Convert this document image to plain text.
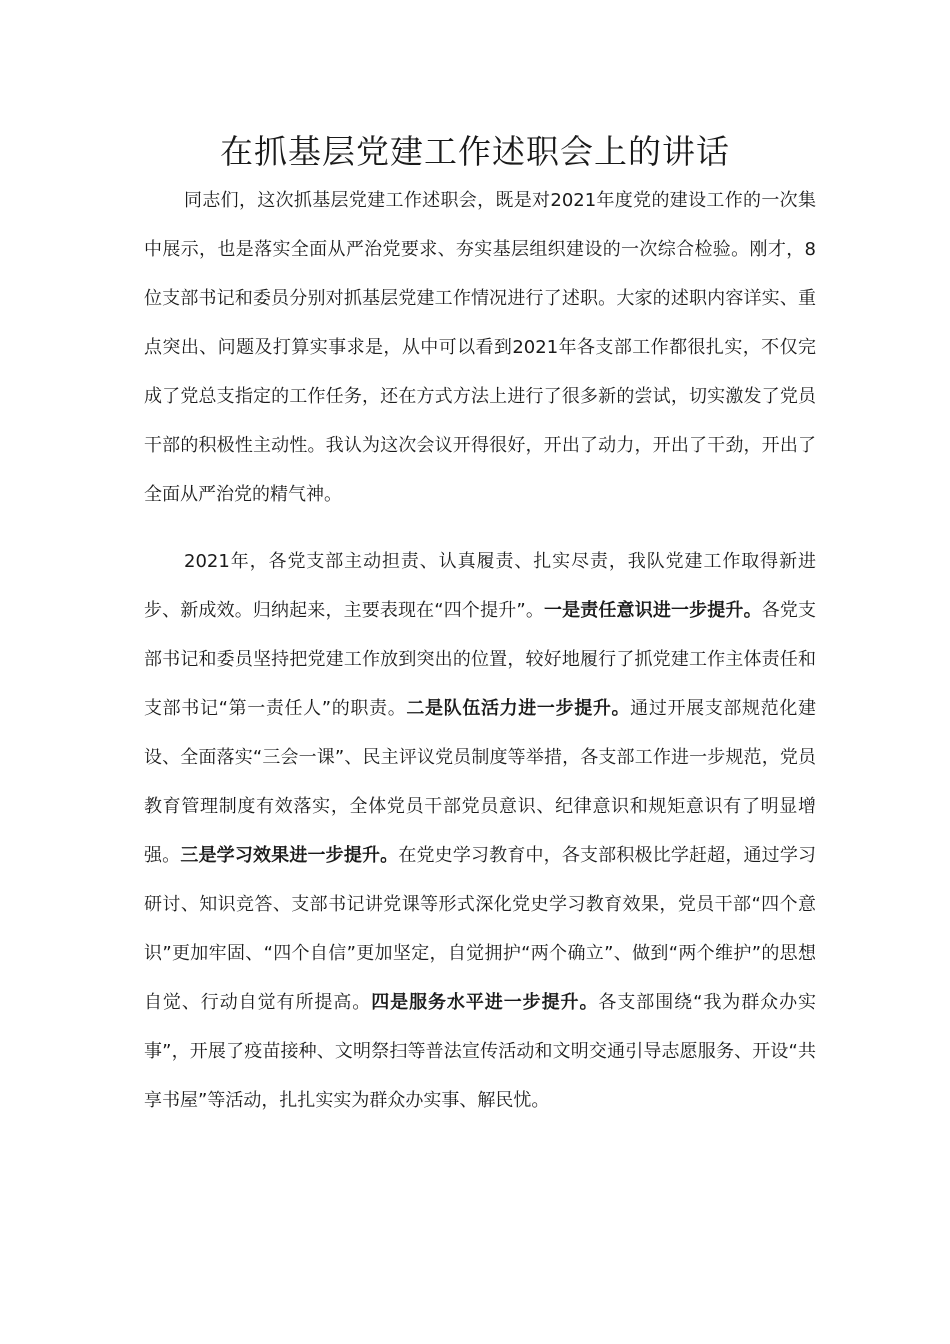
在抓基层党建工作述职会上的讲话

同志们，这次抓基层党建工作述职会，既是对2021年度党的建设工作的一次集中展示，也是落实全面从严治党要求、夯实基层组织建设的一次综合检验。刚才，8位支部书记和委员分别对抓基层党建工作情况进行了述职。大家的述职内容详实、重点突出、问题及打算实事求是，从中可以看到2021年各支部工作都很扎实，不仅完成了党总支指定的工作任务，还在方式方法上进行了很多新的尝试，切实激发了党员干部的积极性主动性。我认为这次会议开得很好，开出了动力，开出了干劲，开出了全面从严治党的精气神。

2021年，各党支部主动担责、认真履责、扎实尽责，我队党建工作取得新进步、新成效。归纳起来，主要表现在“四个提升”。一是责任意识进一步提升。各党支部书记和委员坚持把党建工作放到突出的位置，较好地履行了抓党建工作主体责任和支部书记“第一责任人”的职责。二是队伍活力进一步提升。通过开展支部规范化建设、全面落实“三会一课”、民主评议党员制度等举措，各支部工作进一步规范，党员教育管理制度有效落实，全体党员干部党员意识、纪律意识和规矩意识有了明显增强。三是学习效果进一步提升。在党史学习教育中，各支部积极比学赶超，通过学习研讨、知识竞答、支部书记讲党课等形式深化党史学习教育效果，党员干部“四个意识”更加牢固、“四个自信”更加坚定，自觉拥护“两个确立”、做到“两个维护”的思想自觉、行动自觉有所提高。四是服务水平进一步提升。各支部围绕“我为群众办实事”，开展了疫苗接种、文明祭扫等普法宣传活动和文明交通引导志愿服务、开设“共享书屋”等活动，扎扎实实为群众办实事、解民忧。
